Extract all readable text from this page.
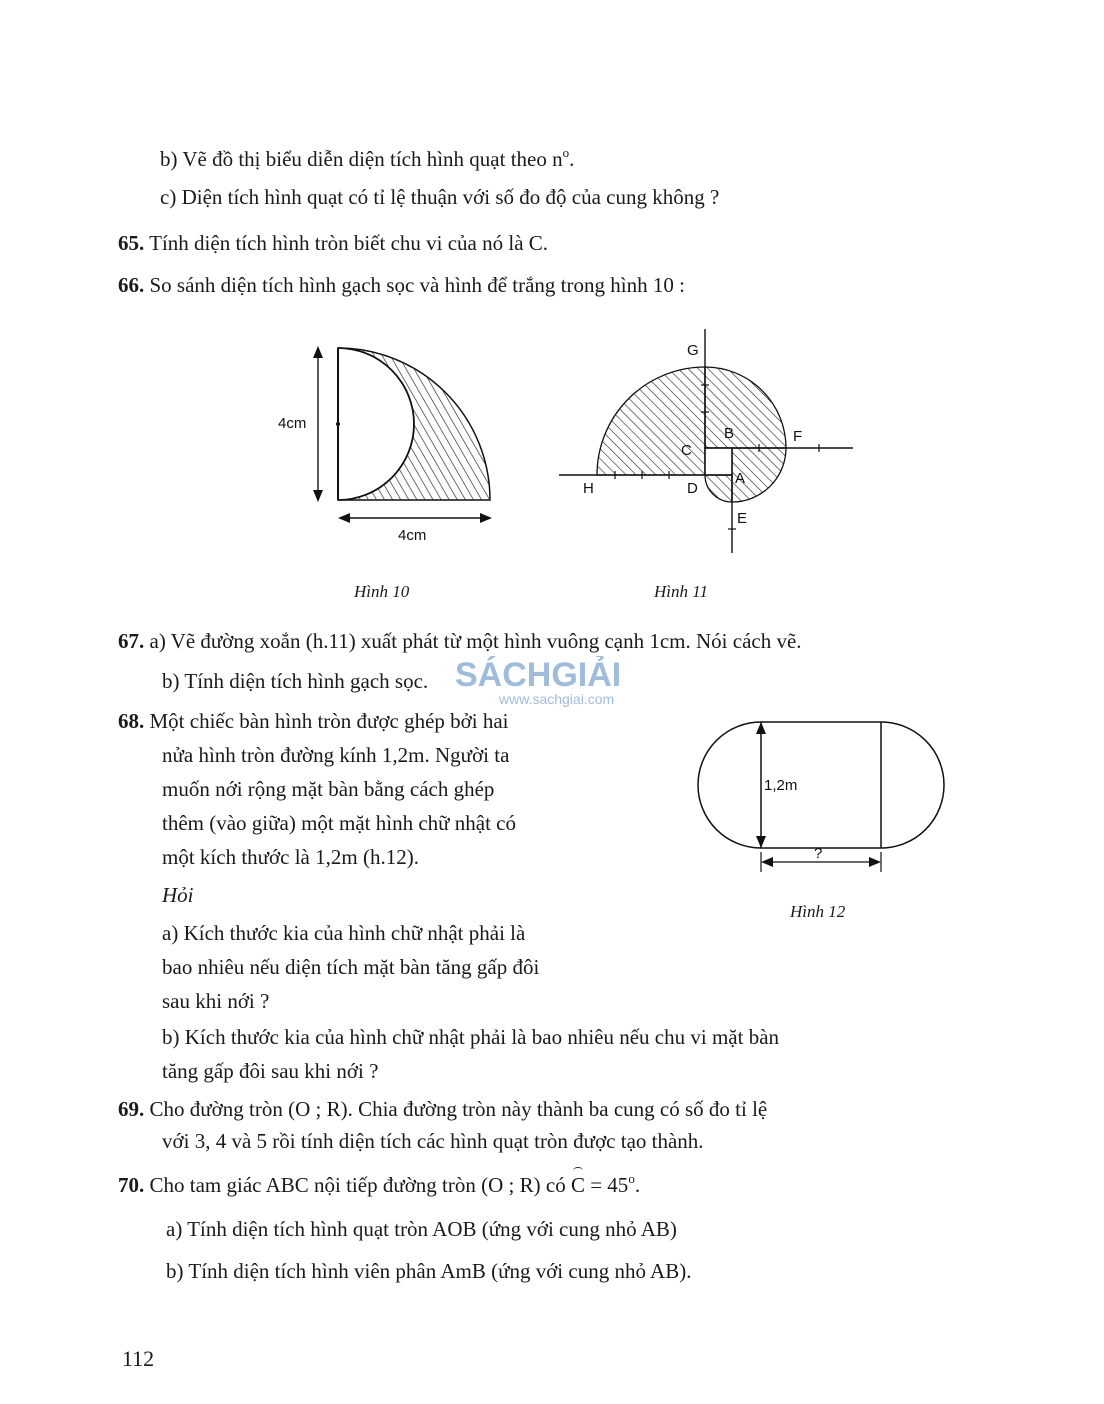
b) Vẽ đồ thị biểu diễn diện tích hình quạt theo $n^o$.
c) Diện tích hình quạt có tỉ lệ thuận với số đo độ của cung không ?
65. Tính diện tích hình tròn biết chu vi của nó là C.
66. So sánh diện tích hình gạch sọc và hình để trắng trong hình 10 :
4cm
4cm
Hình 10
G
B	F
C
A
H	D
E
Hình 11
67. a) Vẽ đường xoắn (h.11) xuất phát từ một hình vuông cạnh 1cm. Nói cách vẽ.
b) Tính diện tích hình gạch sọc. SÁCHGIẢI
www.sachgiai.com
68. Một chiếc bàn hình tròn được ghép bởi hai
nửa hình tròn đường kính 1,2m. Người ta
muốn nới rộng mặt bàn bằng cách ghép
thêm (vào giữa) một mặt hình chữ nhật có
một kích thước là 1,2m (h.12).
Hỏi
a) Kích thước kia của hình chữ nhật phải là
bao nhiêu nếu diện tích mặt bàn tăng gấp đôi
sau khi nới ?
b) Kích thước kia của hình chữ nhật phải là bao nhiêu nếu chu vi mặt bàn
tăng gấp đôi sau khi nới ?
1,2m
?
Hình 12
69. Cho đường tròn (O ; R). Chia đường tròn này thành ba cung có số đo tỉ lệ
với 3, 4 và 5 rồi tính diện tích các hình quạt tròn được tạo thành.
70. Cho tam giác ABC nội tiếp đường tròn (O ; R) có $C = 45^o$.
a) Tính diện tích hình quạt tròn AOB (ứng với cung nhỏ AB)
b) Tính diện tích hình viên phân AmB (ứng với cung nhỏ AB).
112
